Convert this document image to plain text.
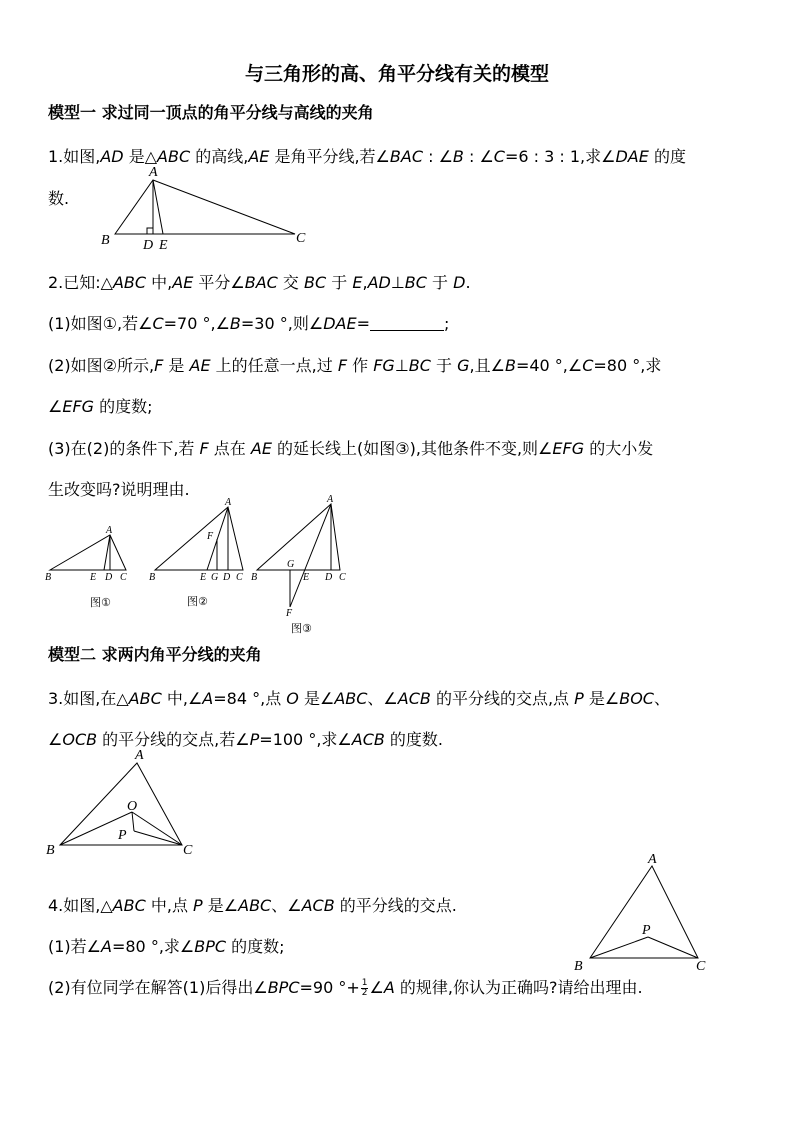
与三角形的高、角平分线有关的模型
模型一 求过同一顶点的角平分线与高线的夹角
1.如图,AD 是△ABC 的高线,AE 是角平分线,若∠BAC : ∠B : ∠C=6 : 3 : 1,求∠DAE 的度
数.
A
B	C
D E
2.已知:△ABC 中,AE 平分∠BAC 交 BC 于 E,AD⊥BC 于 D.
(1)如图①,若∠C=70 °,∠B=30 °,则∠DAE=	;
(2)如图②所示,F 是 AE 上的任意一点,过 F 作 FG⊥BC 于 G,且∠B=40 °,∠C=80 °,求
∠EFG 的度数;
(3)在(2)的条件下,若 F 点在 AE 的延长线上(如图③),其他条件不变,则∠EFG 的大小发
生改变吗?说明理由.
A
B	E D C
图①
A
F
B	E G D C
图②
A
G
B	E D C
F
图③
模型二 求两内角平分线的夹角
3.如图,在△ABC 中,∠A=84 °,点 O 是∠ABC、∠ACB 的平分线的交点,点 P 是∠BOC、
∠OCB 的平分线的交点,若∠P=100 °,求∠ACB 的度数.
A
O
P
B	C
4.如图,△ABC 中,点 P 是∠ABC、∠ACB 的平分线的交点.
(1)若∠A=80 °,求∠BPC 的度数;
(2)有位同学在解答(1)后得出∠BPC=90 °+ $\frac{1}{2}$ ∠A 的规律,你认为正确吗?请给出理由.
A
P
B	C
